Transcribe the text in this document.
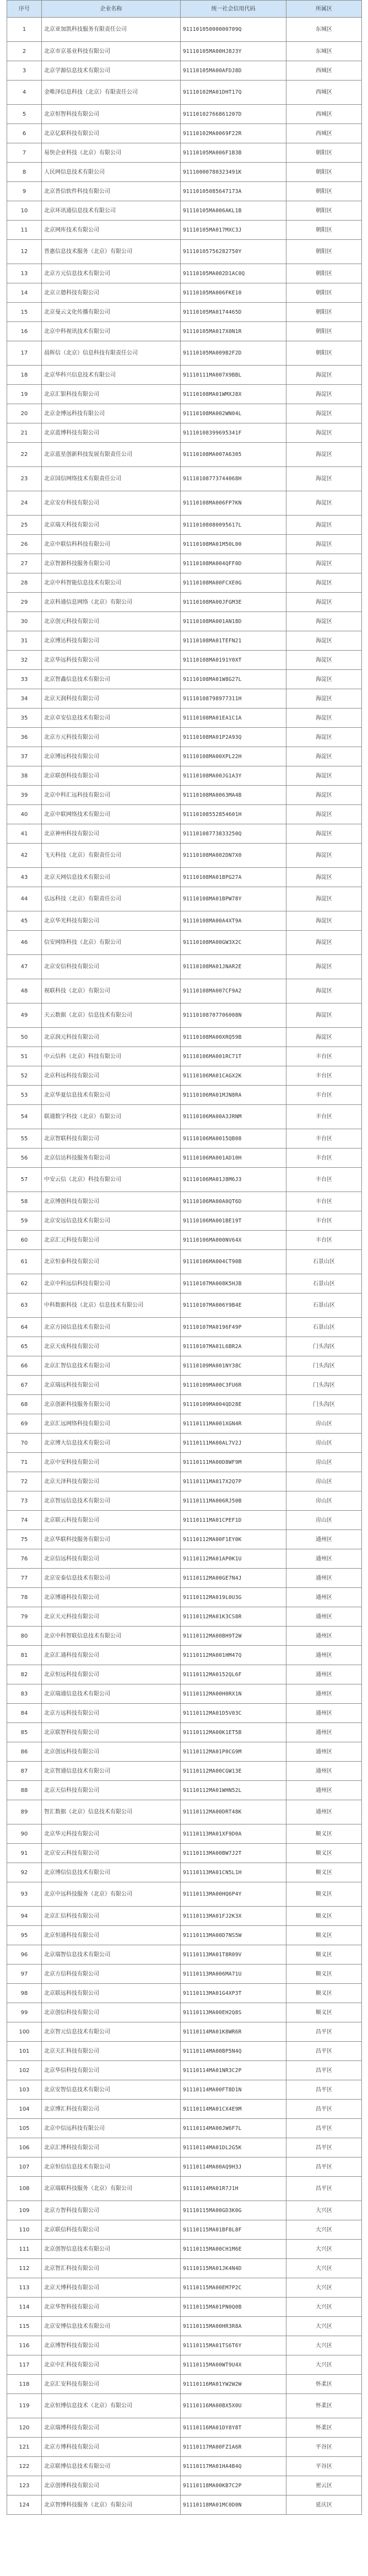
序号	企业名称	统一社会信用代码	所属区
1	北京亚加凯科技服务有限责任公司	91110105000000709Q	东城区
2	北京市京基业科技有限公司	91110105MA00HJ8J3Y	东城区
3	北京学源信息技术有限公司	91110105MA00AFDJ8D	西城区
4	金唯泽信息科技（北京）有限责任公司	91110102MA01DHT17Q	西城区
5	北京恒智科技有限公司	91110102766861207D	西城区
6	北京亿联科技有限公司	91110102MA0069F22R	西城区
7	易快企业科技（北京）有限公司	91110105MA006F1B3B	朝阳区
8	人民网信息技术有限公司	91110000780323491K	朝阳区
9	北京普信软件科技有限公司	91110105085647173A	朝阳区
10	北京环讯通信息技术有限公司	91110105MA006AKL1B	朝阳区
11	北京网库技术有限公司	91110105MA017MXC3J	朝阳区
12	普惠信息技术服务（北京）有限公司	91110105756282750Y	朝阳区
13	北京方元信息技术有限公司	91110105MA002D1AC0Q	朝阳区
14	北京立德科技有限公司	91110105MA006FKE10	朝阳区
15	北京曼云文化传播有限公司	91110105MA0174465D	朝阳区
16	北京中科视讯技术有限公司	91110105MA017X0N1R	朝阳区
17	晨晖信（北京）信息科技有限责任公司	91110105MA009B2F2D	朝阳区
18	北京华科兴信息技术有限公司	91110111MA007X9BBL	海淀区
19	北京汇银科技有限公司	91110108MA01WMXJ8X	海淀区
20	北京金博远科技有限公司	91110108MA002WN04L	海淀区
21	北京蓝博科技有限公司	91110108399695341F	海淀区
22	北京蓝星创新科技发展有限责任公司	91110108MA007A6305	海淀区
23	北京国信网络技术有限责任公司	91110108773744068H	海淀区
24	北京安存科技有限公司	91110108MA006FP7KN	海淀区
25	北京瑞天科技有限公司	91110108080095617L	海淀区
26	北京中联信科科技有限公司	91110108MA01M50L00	海淀区
27	北京智源科技服务有限公司	91110108MA004QFF0D	海淀区
28	北京中科智能信息技术有限公司	91110108MA00FCXE0G	海淀区
29	北京科通信息网络（北京）有限公司	91110108MA00JFGM3E	海淀区
30	北京创元科技有限公司	91110108MA001AN18D	海淀区
31	北京博达科技有限公司	91110108MA01TEFN21	海淀区
32	北京华远科技有限公司	91110108MA0191Y0XT	海淀区
33	北京智鑫信息技术有限公司	91110108MA01W8G27L	海淀区
34	北京天润科技有限公司	91110108798977311H	海淀区
35	北京卓安信息技术有限公司	91110108MA01EA1C1A	海淀区
36	北京方元科技有限公司	91110108MA01P2A93Q	海淀区
37	北京博远科技有限公司	91110108MA00XPL22H	海淀区
38	北京联创科技有限公司	91110108MA00JG1A3Y	海淀区
39	北京中科汇远科技有限公司	91110108MA0063MA4B	海淀区
40	北京中联网络技术有限公司	91110108552854601H	海淀区
41	北京神州科技有限公司	91110108773833250Q	海淀区
42	飞天科技（北京）有限责任公司	91110108MA002DN7X0	海淀区
43	北京天网信息技术有限公司	91110108MA01BPG27A	海淀区
44	弘远科技（北京）有限责任公司	91110108MA01BPW78Y	海淀区
45	北京华光科技有限公司	91110108MA00A4XT9A	海淀区
46	信安网络科技（北京）有限公司	91110108MA00GW3X2C	海淀区
47	北京安信科技有限公司	91110108MA01JNAR2E	海淀区
48	视联科技（北京）有限公司	91110108MA007CF9A2	海淀区
49	天云数据（北京）信息技术有限公司	91110108707706008N	海淀区
50	北京润元科技有限公司	91110108MA00XRQ59B	海淀区
51	中云信科（北京）科技有限公司	91110106MA001RC71T	丰台区
52	北京科远科技有限公司	91110106MA01CAGX2K	丰台区
53	北京华夏信息技术有限公司	91110106MA01MJN8RA	丰台区
54	联通数字科技（北京）有限公司	91110106MA00A3JRNM	丰台区
55	北京智联科技有限公司	91110106MA0015QB08	丰台区
56	北京信达科技服务有限公司	91110106MA001AD10H	丰台区
57	中安云信（北京）科技有限公司	91110106MA01J8M6J3	丰台区
58	北京博创科技有限公司	91110106MA00A0QT6D	丰台区
59	北京安远信息技术有限公司	91110106MA001BE19T	丰台区
60	北京汇元科技有限公司	91110106MA000NV64X	丰台区
61	北京恒泰科技有限公司	91110106MA004CT90B	石景山区
62	北京中科远信科技有限公司	91110107MA008K5HJB	石景山区
63	中科数据科技（北京）信息技术有限公司	91110107MA006Y9B4E	石景山区
64	北京方园信息技术有限公司	91110107MA0196F49P	石景山区
65	北京天成科技有限公司	91110107MA01L6BR2A	门头沟区
66	北京汇智信息技术有限公司	91110109MA001NY38C	门头沟区
67	北京瑞远科技有限公司	91110109MA00C3FU6R	门头沟区
68	北京创新科技服务有限公司	91110109MA004QD28E	门头沟区
69	北京汇远网络科技有限公司	91110111MA001XGN4R	房山区
70	北京博大信息技术有限公司	91110111MA00AL7V2J	房山区
71	北京中安科技有限公司	91110111MA00D8WF9M	房山区
72	北京天泽科技有限公司	91110111MA017X2Q7P	房山区
73	北京智远信息技术有限公司	91110111MA006RJ50B	房山区
74	北京联云科技有限公司	91110111MA01CPEF1D	房山区
75	北京华联科技服务有限公司	91110112MA00F1EY0K	通州区
76	北京信远科技有限公司	91110112MA01AP0K1U	通州区
77	北京安泰信息技术有限公司	91110112MA00GE7N4J	通州区
78	北京博通科技有限公司	91110112MA019L0U3G	通州区
79	北京天元科技有限公司	91110112MA01K3CS8R	通州区
80	北京中科智联信息技术有限公司	91110112MA00BH9T2W	通州区
81	北京汇通科技有限公司	91110112MA001HM47Q	通州区
82	北京恒远科技有限公司	91110112MA0152QL6F	通州区
83	北京瑞通信息技术有限公司	91110112MA00H0RX1N	通州区
84	北京方远科技有限公司	91110112MA01D5V03C	通州区
85	北京联智科技有限公司	91110112MA00K1ET5B	通州区
86	北京创远科技有限公司	91110112MA01P0CG9M	通州区
87	北京智通信息技术有限公司	91110112MA00CGW13E	通州区
88	北京天信科技有限公司	91110112MA01WHN52L	通州区
89	智汇数据（北京）信息技术有限公司	91110112MA00DRT48K	通州区
90	北京华元科技有限公司	91110113MA01XF9D0A	顺义区
91	北京安云科技有限公司	91110113MA00BW7J2T	顺义区
92	北京博信信息技术有限公司	91110113MA01CN5L1H	顺义区
93	北京中远科技服务（北京）有限公司	91110113MA00HQ6P4Y	顺义区
94	北京汇信科技有限公司	91110113MA01FJ2K3X	顺义区
95	北京恒通科技有限公司	91110113MA00D7NS5W	顺义区
96	北京瑞智信息技术有限公司	91110113MA01T8R09V	顺义区
97	北京方信科技有限公司	91110113MA006MA71U	顺义区
98	北京联远科技有限公司	91110113MA01G4XP3T	顺义区
99	北京创信科技有限公司	91110113MA00EH2Q8S	顺义区
100	北京智元信息技术有限公司	91110114MA01K8WR6R	昌平区
101	北京天汇科技有限公司	91110114MA00BP5N4Q	昌平区
102	北京华信科技有限公司	91110114MA01NR3C2P	昌平区
103	北京安智信息技术有限公司	91110114MA00FT8D1N	昌平区
104	北京博汇科技有限公司	91110114MA01CX4E9M	昌平区
105	北京中信远科技有限公司	91110114MA00JW6F7L	昌平区
106	北京汇博科技有限公司	91110114MA01DL2G5K	昌平区
107	北京恒信信息技术有限公司	91110114MA00AQ9H3J	昌平区
108	北京瑞联科技服务（北京）有限公司	91110114MA01R7J1H	昌平区
109	北京方智科技有限公司	91110115MA00GD3K0G	大兴区
110	北京联信科技有限公司	91110115MA01BF8L8F	大兴区
111	北京创智信息技术有限公司	91110115MA00CH1M6E	大兴区
112	北京智汇科技有限公司	91110115MA01JK4N4D	大兴区
113	北京天博科技有限公司	91110115MA00EM7P2C	大兴区
114	北京华智科技有限公司	91110115MA01PN0Q0B	大兴区
115	北京安博信息技术有限公司	91110115MA00HR3R8A	大兴区
116	北京博智科技有限公司	91110115MA01TS6T6Y	大兴区
117	北京中汇科技有限公司	91110115MA00WT9U4X	大兴区
118	北京汇安科技有限公司	91110116MA01YW2W2W	怀柔区
119	北京恒博信息技术（北京）有限公司	91110116MA00BX5X0U	怀柔区
120	北京瑞博科技有限公司	91110116MA01DY8Y8T	怀柔区
121	北京方博科技有限公司	91110117MA00FZ1A6R	平谷区
122	北京联博信息技术有限公司	91110117MA01HA4B4Q	平谷区
123	北京创博科技有限公司	91110118MA00KB7C2P	密云区
124	北京智博科技服务（北京）有限公司	91110118MA01MC0D0N	延庆区
